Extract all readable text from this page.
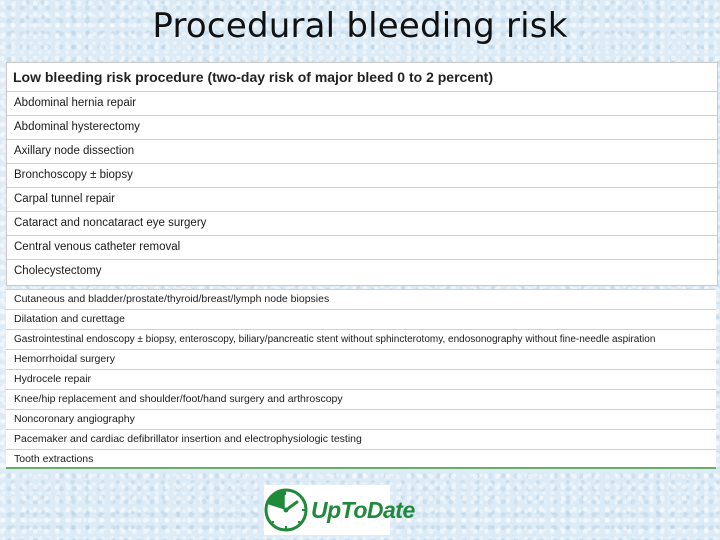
Procedural bleeding risk
Low bleeding risk procedure (two-day risk of major bleed 0 to 2 percent)
Abdominal hernia repair
Abdominal hysterectomy
Axillary node dissection
Bronchoscopy ± biopsy
Carpal tunnel repair
Cataract and noncataract eye surgery
Central venous catheter removal
Cholecystectomy
Cutaneous and bladder/prostate/thyroid/breast/lymph node biopsies
Dilatation and curettage
Gastrointestinal endoscopy ± biopsy, enteroscopy, biliary/pancreatic stent without sphincterotomy, endosonography without fine-needle aspiration
Hemorrhoidal surgery
Hydrocele repair
Knee/hip replacement and shoulder/foot/hand surgery and arthroscopy
Noncoronary angiography
Pacemaker and cardiac defibrillator insertion and electrophysiologic testing
Tooth extractions
UpToDate
